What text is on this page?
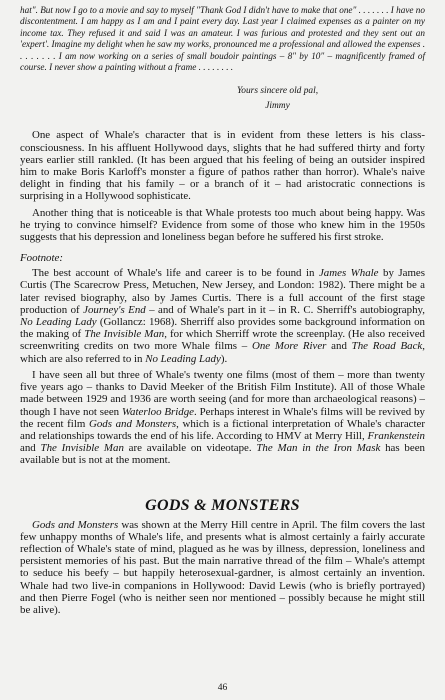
hat". But now I go to a movie and say to myself "Thank God I didn't have to make that one" . . . . . . . I have no discontentment. I am happy as I am and I paint every day. Last year I claimed expenses as a painter on my income tax. They refused it and said I was an amateur. I was furious and protested and they sent out an 'expert'. Imagine my delight when he saw my works, pronounced me a professional and allowed the expenses . . . . . . . . I am now working on a series of small boudoir paintings – 8" by 10" – magnificently framed of course. I never show a painting without a frame . . . . . . . .

Yours sincere old pal,
Jimmy

One aspect of Whale's character that is in evident from these letters is his class-consciousness. In his affluent Hollywood days, slights that he had suffered thirty and forty years earlier still rankled. (It has been argued that his feeling of being an outsider inspired him to make Boris Karloff's monster a figure of pathos rather than horror). Whale's naive delight in finding that his family – or a branch of it – had aristocratic connections is surprising in a Hollywood sophisticate.

Another thing that is noticeable is that Whale protests too much about being happy. Was he trying to convince himself? Evidence from some of those who knew him in the 1950s suggests that his depression and loneliness began before he suffered his first stroke.

Footnote:

The best account of Whale's life and career is to be found in James Whale by James Curtis (The Scarecrow Press, Metuchen, New Jersey, and London: 1982). There might be a later revised biography, also by James Curtis. There is a full account of the first stage production of Journey's End – and of Whale's part in it – in R. C. Sherriff's autobiography, No Leading Lady (Gollancz: 1968). Sherriff also provides some background information on the making of The Invisible Man, for which Sherriff wrote the screenplay. (He also received screenwriting credits on two more Whale films – One More River and The Road Back, which are also referred to in No Leading Lady).

I have seen all but three of Whale's twenty one films (most of them – more than twenty five years ago – thanks to David Meeker of the British Film Institute). All of those Whale made between 1929 and 1936 are worth seeing (and for more than archaeological reasons) – though I have not seen Waterloo Bridge. Perhaps interest in Whale's films will be revived by the recent film Gods and Monsters, which is a fictional interpretation of Whale's character and relationships towards the end of his life. According to HMV at Merry Hill, Frankenstein and The Invisible Man are available on videotape. The Man in the Iron Mask has been available but is not at the moment.

GODS & MONSTERS

Gods and Monsters was shown at the Merry Hill centre in April. The film covers the last few unhappy months of Whale's life, and presents what is almost certainly a fairly accurate reflection of Whale's state of mind, plagued as he was by illness, depression, loneliness and persistent memories of his past. But the main narrative thread of the film – Whale's attempt to seduce his beefy – but happily heterosexual-gardner, is almost certainly an invention. Whale had two live-in companions in Hollywood: David Lewis (who is briefly portrayed) and then Pierre Fogel (who is neither seen nor mentioned – possibly because he might still be alive).

46
